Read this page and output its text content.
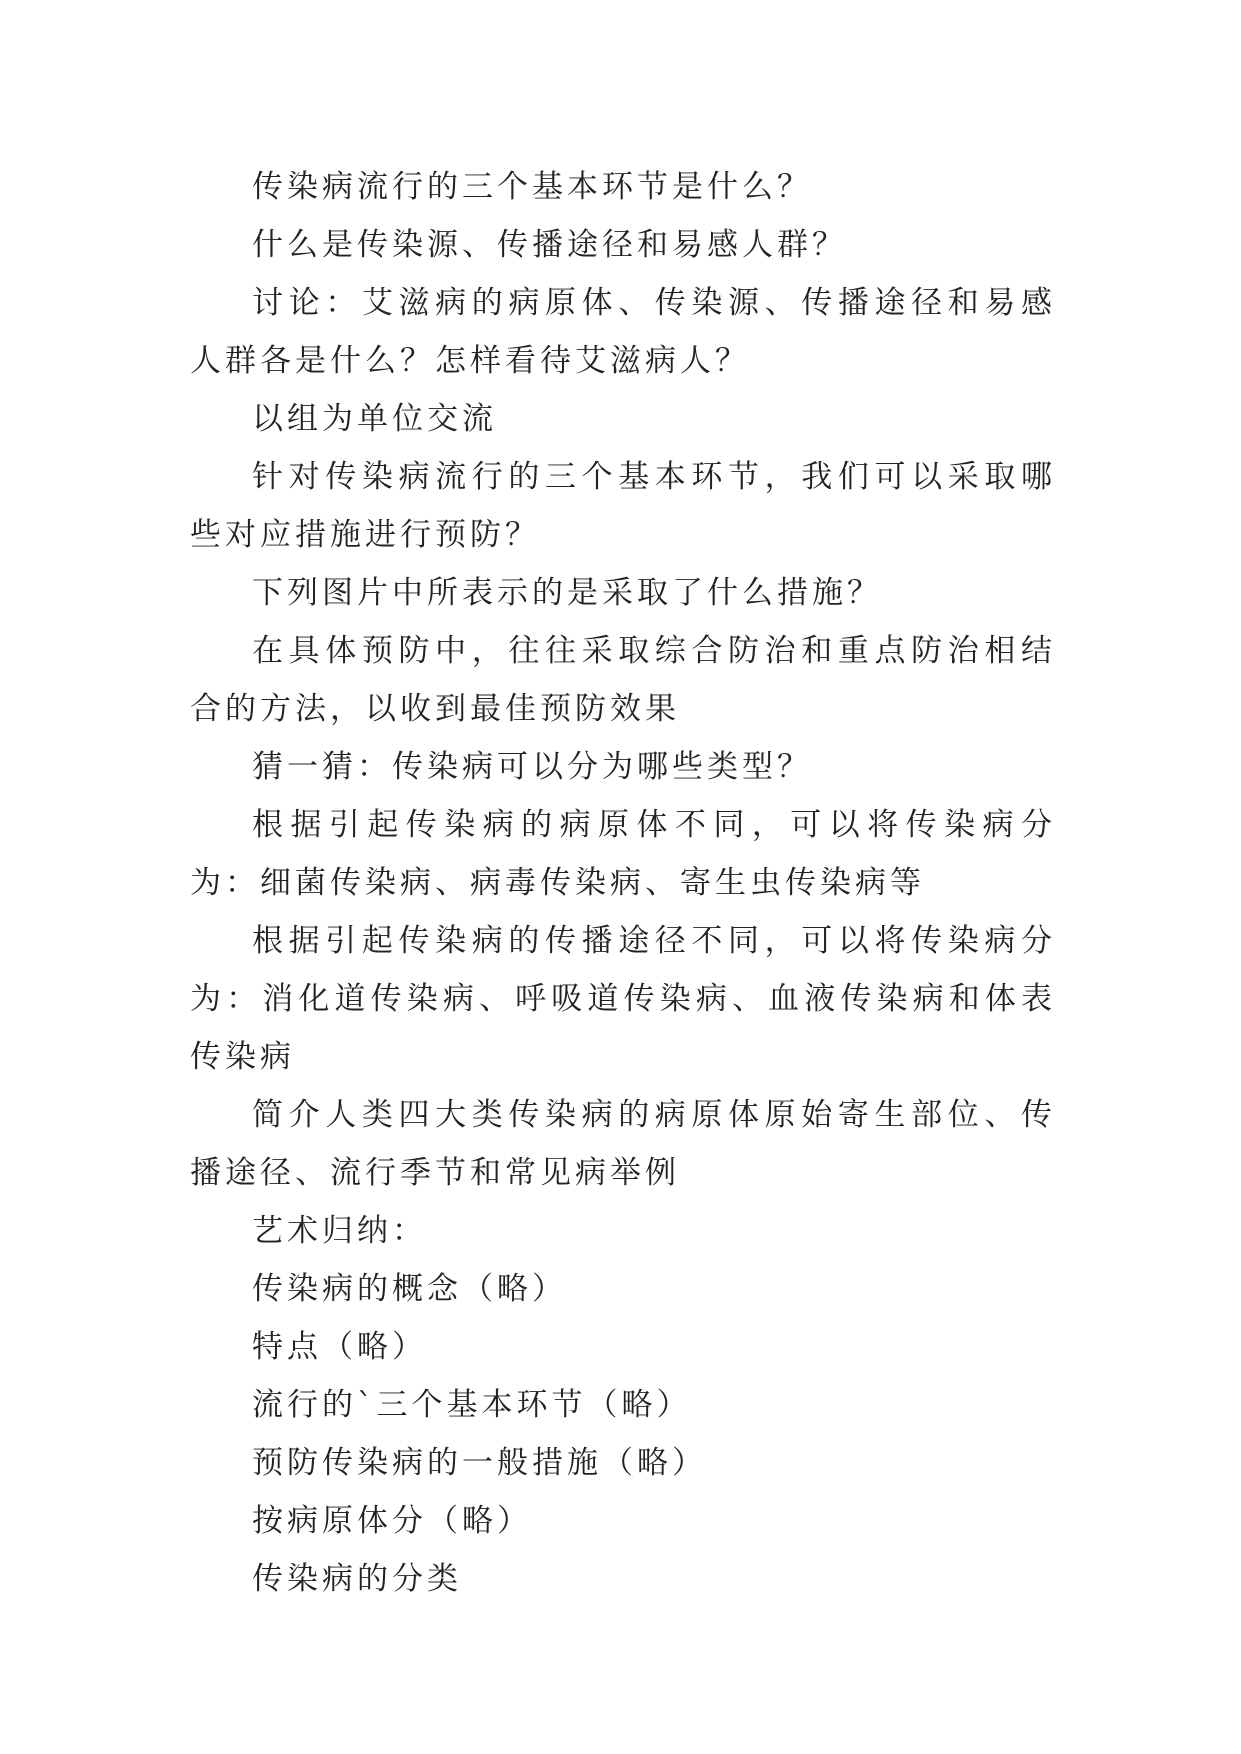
传染病流行的三个基本环节是什么？

什么是传染源、传播途径和易感人群？

讨论：艾滋病的病原体、传染源、传播途径和易感人群各是什么？怎样看待艾滋病人？

以组为单位交流

针对传染病流行的三个基本环节，我们可以采取哪些对应措施进行预防？

下列图片中所表示的是采取了什么措施？

在具体预防中，往往采取综合防治和重点防治相结合的方法，以收到最佳预防效果

猜一猜：传染病可以分为哪些类型？

根据引起传染病的病原体不同，可以将传染病分为：细菌传染病、病毒传染病、寄生虫传染病等

根据引起传染病的传播途径不同，可以将传染病分为：消化道传染病、呼吸道传染病、血液传染病和体表传染病

简介人类四大类传染病的病原体原始寄生部位、传播途径、流行季节和常见病举例

艺术归纳：

传染病的概念（略）

特点（略）

流行的`三个基本环节（略）

预防传染病的一般措施（略）

按病原体分（略）

传染病的分类
